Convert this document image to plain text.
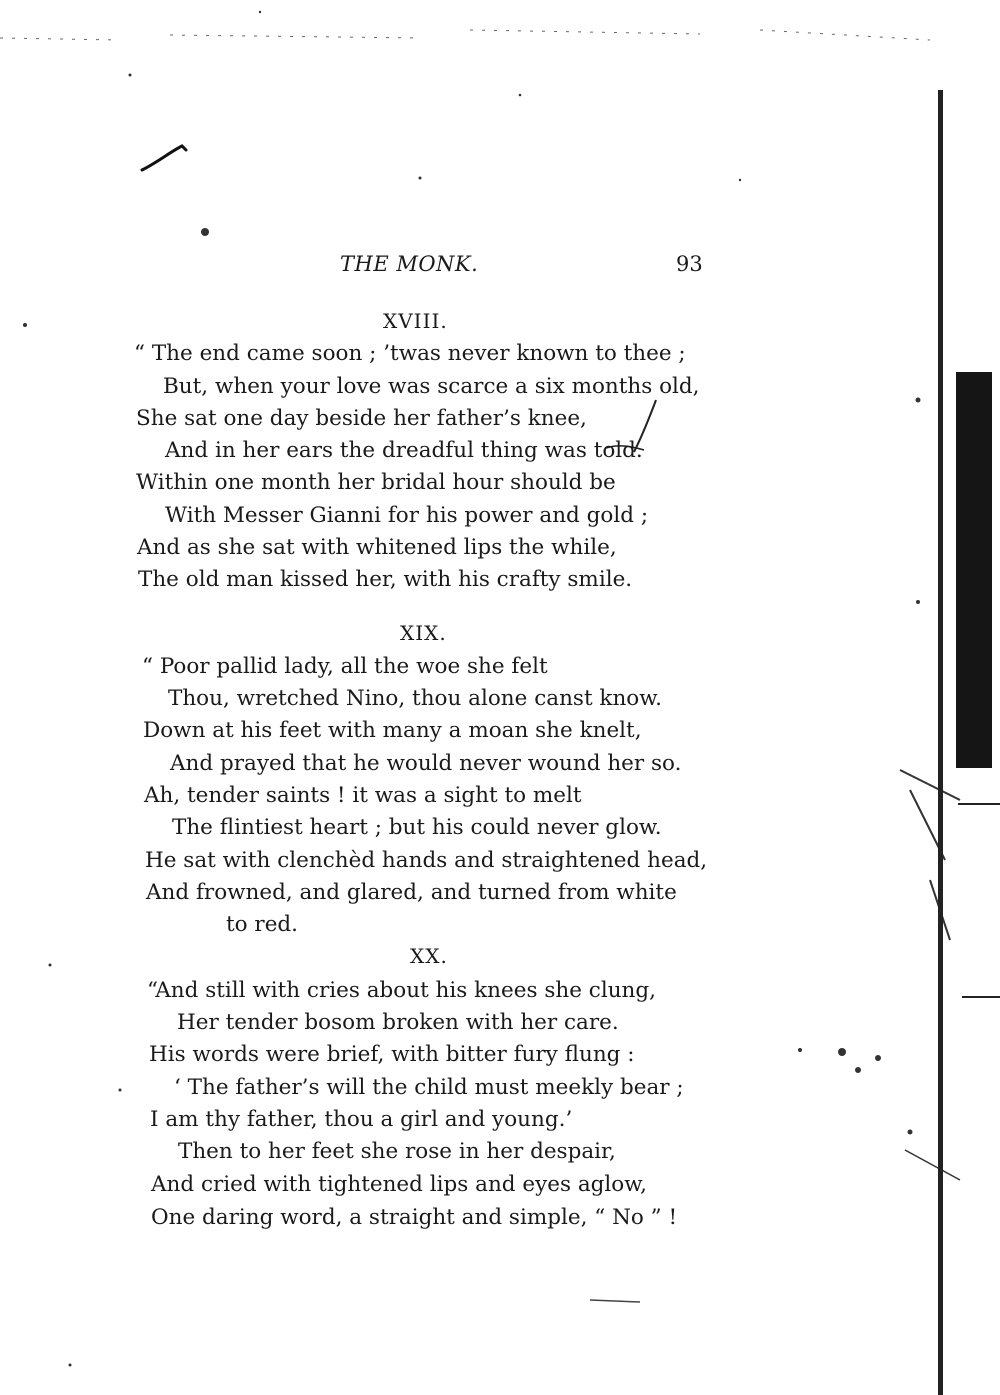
THE MONK.	93
XVIII.
“ The end came soon ; ’twas never known to thee ;
But, when your love was scarce a six months old,
She sat one day beside her father’s knee,
And in her ears the dreadful thing was told.
Within one month her bridal hour should be
With Messer Gianni for his power and gold ;
And as she sat with whitened lips the while,
The old man kissed her, with his crafty smile.
XIX.
“ Poor pallid lady, all the woe she felt
Thou, wretched Nino, thou alone canst know.
Down at his feet with many a moan she knelt,
And prayed that he would never wound her so.
Ah, tender saints ! it was a sight to melt
The flintiest heart ; but his could never glow.
He sat with clenchèd hands and straightened head,
And frowned, and glared, and turned from white
to red.
XX.
“And still with cries about his knees she clung,
Her tender bosom broken with her care.
His words were brief, with bitter fury flung :
‘ The father’s will the child must meekly bear ;
I am thy father, thou a girl and young.’
Then to her feet she rose in her despair,
And cried with tightened lips and eyes aglow,
One daring word, a straight and simple, “ No ” !
